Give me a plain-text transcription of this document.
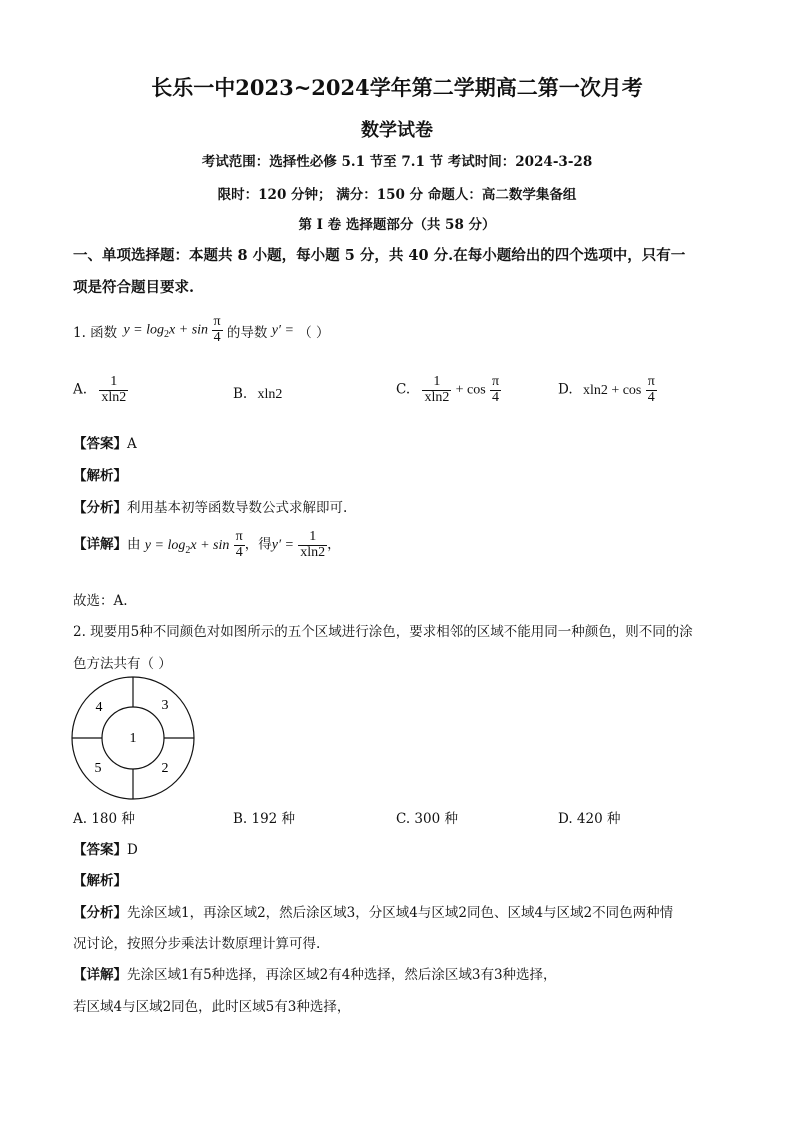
长乐一中2023~2024学年第二学期高二第一次月考
数学试卷
考试范围：选择性必修 5.1 节至 7.1 节 考试时间：2024-3-28
限时：120 分钟； 满分：150 分 命题人：高二数学集备组
第 I 卷 选择题部分（共 58 分）
一、单项选择题：本题共 8 小题，每小题 5 分，共 40 分.在每小题给出的四个选项中，只有一
项是符合题目要求.
1. 函数 $y = \log_2x + \sin \frac{\pi}{4}$ 的导数 y′ = （ ）
A. $\frac{1}{xln2}$	B. xln2	C. $\frac{1}{xln2} + \cos \frac{\pi}{4}$	D. $xln2 + \cos \frac{\pi}{4}$
【答案】A
【解析】
【分析】利用基本初等函数导数公式求解即可.
【详解】由 $y = \log_2x + \sin \frac{\pi}{4}$ ，得$y' = \frac{1}{xln2}$ ，
故选：A.
2. 现要用5种不同颜色对如图所示的五个区域进行涂色，要求相邻的区域不能用同一种颜色，则不同的涂
色方法共有（ ）
1
3
4
5	2
A. 180 种	B. 192 种	C. 300 种	D. 420 种
【答案】D
【解析】
【分析】先涂区域1，再涂区域2，然后涂区域3，分区域4与区域2同色、区域4与区域2不同色两种情
况讨论，按照分步乘法计数原理计算可得.
【详解】先涂区域1有5种选择，再涂区域2有4种选择，然后涂区域3有3种选择，
若区域4与区域2同色，此时区域5有3种选择，
